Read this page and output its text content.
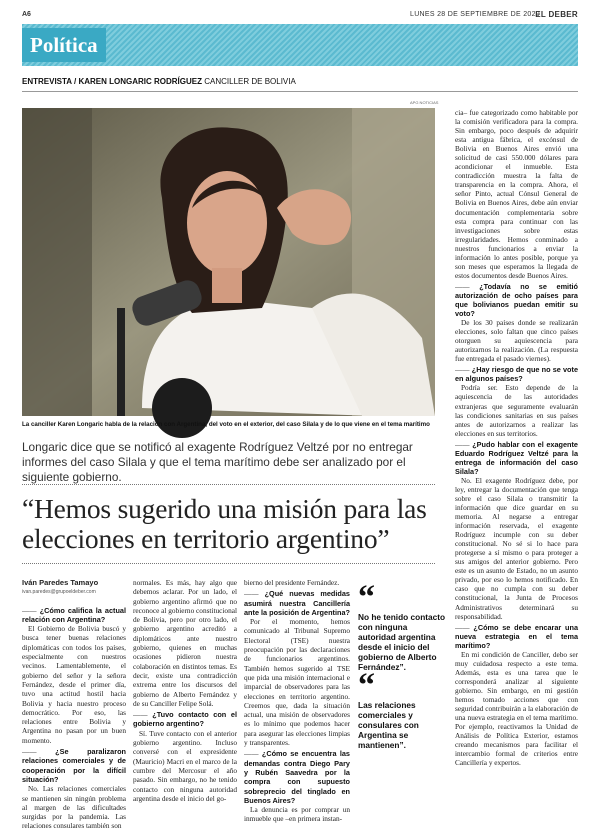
A6	LUNES 28 DE SEPTIEMBRE DE 2020
EL DEBER
Política
ENTREVISTA / KAREN LONGARIC RODRÍGUEZ CANCILLER DE BOLIVIA
APG NOTICIAS
La canciller Karen Longaric habla de la relación con Argentina, del voto en el exterior, del caso Silala y de lo que viene en el tema marítimo
Longaric dice que se notificó al exagente Rodríguez Veltzé por no entregar informes del caso Silala y que el tema marítimo debe ser analizado por el siguiente gobierno.
“Hemos sugerido una misión para las elecciones en territorio argentino”
Iván Paredes Tamayo
ivan.paredes@grupoeldeber.com

—— ¿Cómo califica la actual relación con Argentina?

El Gobierno de Bolivia buscó y busca tener buenas relaciones diplomáticas con todos los países, especialmente con nuestros vecinos. Lamentablemente, el gobierno del señor y la señora Fernández, desde el primer día, tuvo una actitud hostil hacia Bolivia y hacia nuestro proceso democrático. Por eso, las relaciones entre Bolivia y Argentina no pasan por un buen momento.

—— ¿Se paralizaron relaciones comerciales y de cooperación por la difícil situación?

No. Las relaciones comerciales se mantienen sin ningún problema al margen de las dificultades surgidas por la pandemia. Las relaciones consulares también son

normales. Es más, hay algo que debemos aclarar. Por un lado, el gobierno argentino afirmó que no reconoce al gobierno constitucional de Bolivia, pero por otro lado, el gobierno argentino acreditó a diplomáticos ante nuestro gobierno, quienes en muchas ocasiones pidieron nuestra colaboración en distintos temas. Es decir, existe una contradicción extrema entre los discursos del gobierno de Alberto Fernández y de su Canciller Felipe Solá.

—— ¿Tuvo contacto con el gobierno argentino?

Sí. Tuve contacto con el anterior gobierno argentino. Incluso conversé con el expresidente (Mauricio) Macri en el marco de la cumbre del Mercosur el año pasado. Sin embargo, no he tenido contacto con ninguna autoridad argentina desde el inicio del go-

bierno del presidente Fernández.

—— ¿Qué nuevas medidas asumirá nuestra Cancillería ante la posición de Argentina?

Por el momento, hemos comunicado al Tribunal Supremo Electoral (TSE) nuestra preocupación por las declaraciones de funcionarios argentinos. También hemos sugerido al TSE que pida una misión internacional e imparcial de observadores para las elecciones en territorio argentino. Creemos que, dada la situación actual, una misión de observadores es lo mínimo que podemos hacer para asegurar las elecciones limpias y transparentes.

—— ¿Cómo se encuentra las demandas contra Diego Pary y Rubén Saavedra por la compra con supuesto sobreprecio del tinglado en Buenos Aires?

La denuncia es por comprar un inmueble que –en primera instan-

cia– fue categorizado como habitable por la comisión verificadora para la compra. Sin embargo, poco después de adquirir esta antigua fábrica, el excónsul de Bolivia en Buenos Aires envió una solicitud de casi 550.000 dólares para acondicionar el inmueble. Esta contradicción muestra la falta de transparencia en la compra. Ahora, el señor Pinto, actual Cónsul General de Bolivia en Buenos Aires, debe aún enviar documentación complementaria sobre esta compra para continuar con las investigaciones sobre estas irregularidades. Hemos conminado a nuestros funcionarios a enviar la información lo antes posible, porque ya son meses que esperamos la llegada de estos documentos desde Buenos Aires.

—— ¿Todavía no se emitió autorización de ocho países para que bolivianos puedan emitir su voto?

De los 30 países donde se realizarán elecciones, solo faltan que cinco países otorguen su aquiescencia para autorizarnos la realización. (La respuesta fue entregada el pasado viernes).

—— ¿Hay riesgo de que no se vote en algunos países?

Podría ser. Esto depende de la aquiescencia de las autoridades extranjeras que seguramente evaluarán las condiciones sanitarias en sus países antes de autorizarnos a realizar las elecciones en sus territorios.

—— ¿Pudo hablar con el exagente Eduardo Rodríguez Veltzé para la entrega de información del caso Silala?

No. El exagente Rodríguez debe, por ley, entregar la documentación que tenga sobre el caso Silala o transmitir la información que dice guardar en su memoria. Al negarse a entregar información reservada, el exagente Rodríguez incumple con su deber constitucional. No sé si lo hace para protegerse a sí mismo o para proteger a sus amigos del anterior gobierno. Pero este es un asunto de Estado, no un asunto privado, por eso lo hemos notificado. En caso que no cumpla con su deber constitucional, la Junta de Procesos Administrativos determinará su responsabilidad.

—— ¿Cómo se debe encarar una nueva estrategia en el tema marítimo?

En mi condición de Canciller, debo ser muy cuidadosa respecto a este tema. Además, esta es una tarea que le corresponderá analizar al siguiente gobierno. Sin embargo, en mi gestión hemos tomado acciones que con seguridad contribuirán a la elaboración de una nueva estrategia en el tema marítimo. Por ejemplo, reactivamos la Unidad de Análisis de Política Exterior, estamos creando mecanismos para facilitar el intercambio formal de criterios entre Cancillería y expertos.

“
No he tenido contacto con ninguna autoridad argentina desde el inicio del gobierno de Alberto Fernández”.
“
Las relaciones comerciales y consulares con Argentina se mantienen”.
